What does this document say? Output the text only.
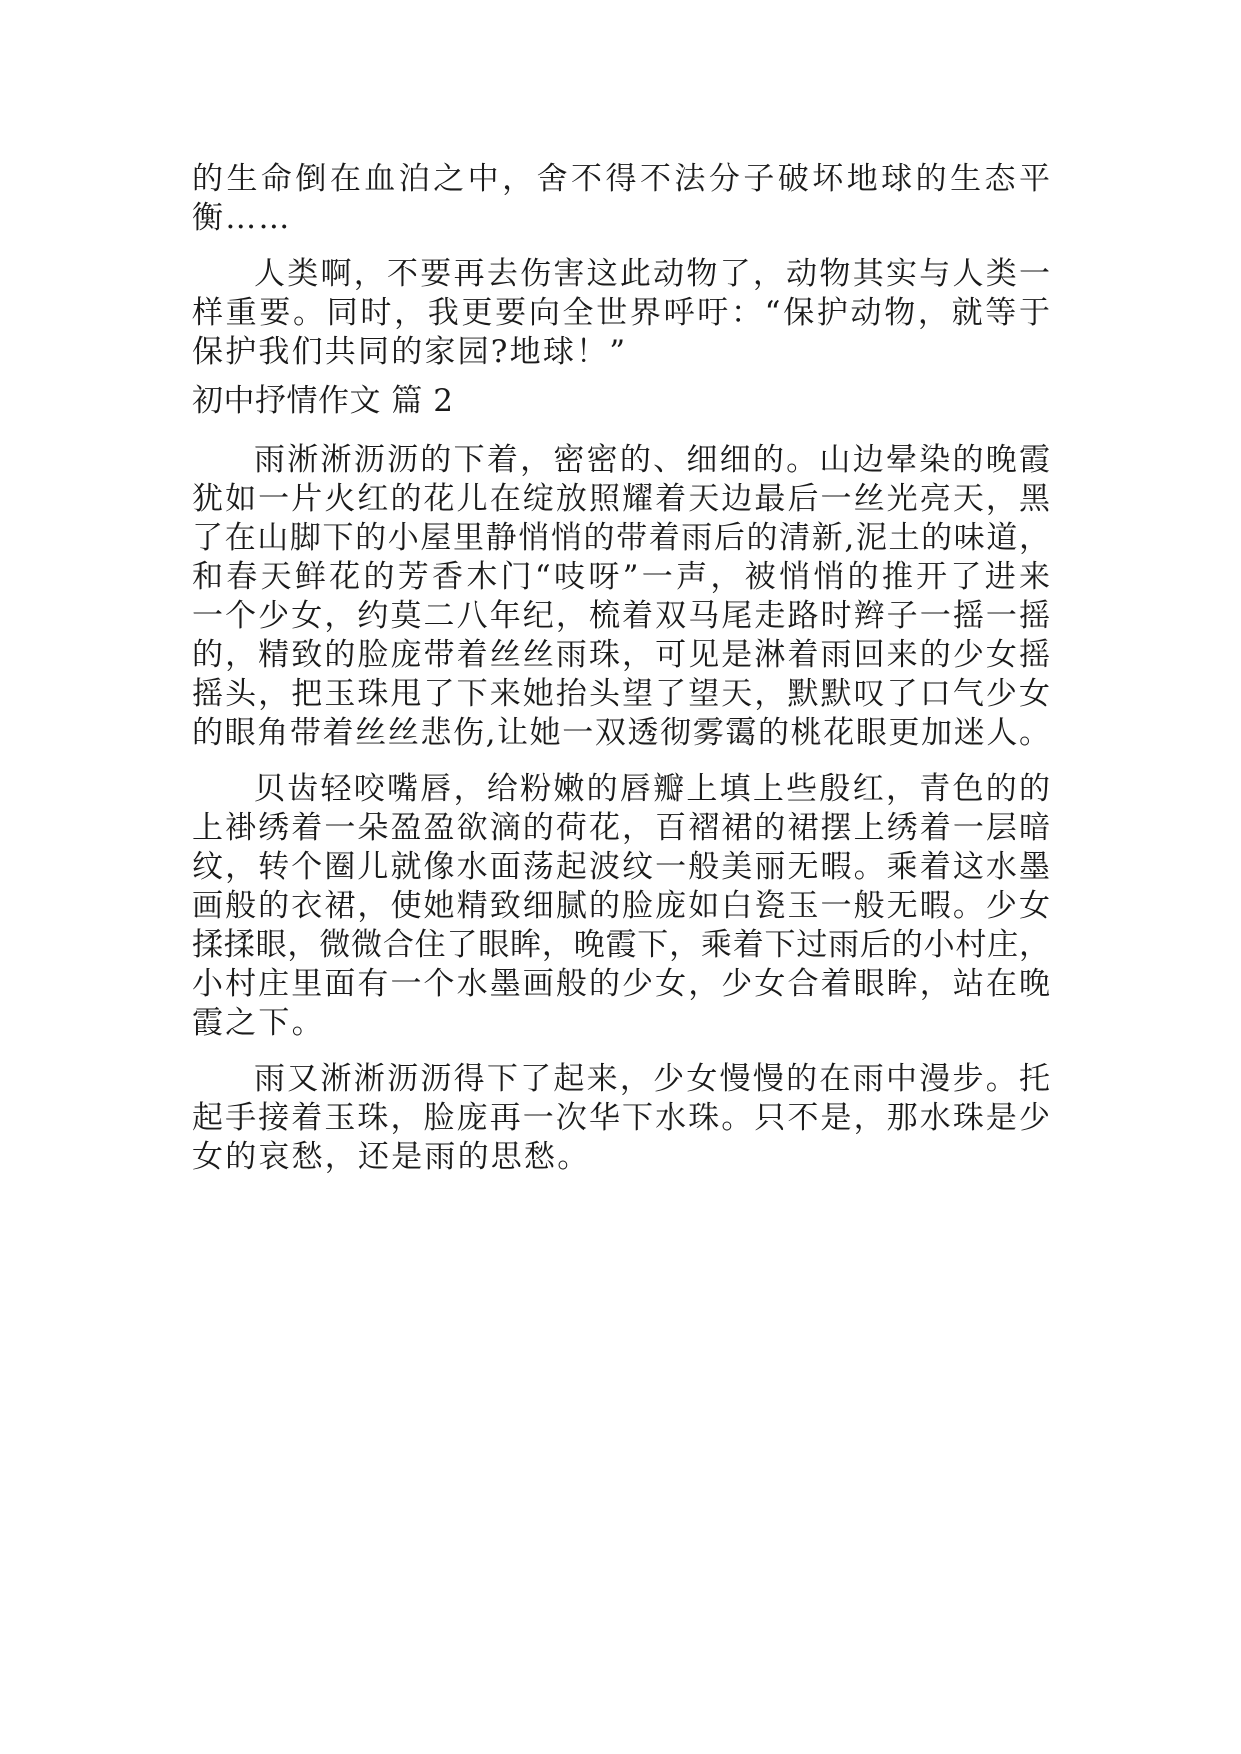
的生命倒在血泊之中，舍不得不法分子破坏地球的生态平
衡……
人类啊，不要再去伤害这此动物了，动物其实与人类一
样重要。同时，我更要向全世界呼吁：“保护动物，就等于
保护我们共同的家园?地球！”
初中抒情作文 篇 2
雨淅淅沥沥的下着，密密的、细细的。山边晕染的晚霞
犹如一片火红的花儿在绽放照耀着天边最后一丝光亮天，黑
了在山脚下的小屋里静悄悄的带着雨后的清新,泥土的味道，
和春天鲜花的芳香木门“吱呀”一声，被悄悄的推开了进来
一个少女，约莫二八年纪，梳着双马尾走路时辫子一摇一摇
的，精致的脸庞带着丝丝雨珠，可见是淋着雨回来的少女摇
摇头，把玉珠甩了下来她抬头望了望天，默默叹了口气少女
的眼角带着丝丝悲伤,让她一双透彻雾霭的桃花眼更加迷人。
贝齿轻咬嘴唇，给粉嫩的唇瓣上填上些殷红，青色的的
上褂绣着一朵盈盈欲滴的荷花，百褶裙的裙摆上绣着一层暗
纹，转个圈儿就像水面荡起波纹一般美丽无暇。乘着这水墨
画般的衣裙，使她精致细腻的脸庞如白瓷玉一般无暇。少女
揉揉眼，微微合住了眼眸，晚霞下，乘着下过雨后的小村庄，
小村庄里面有一个水墨画般的少女，少女合着眼眸，站在晚
霞之下。
雨又淅淅沥沥得下了起来，少女慢慢的在雨中漫步。托
起手接着玉珠，脸庞再一次华下水珠。只不是，那水珠是少
女的哀愁，还是雨的思愁。
